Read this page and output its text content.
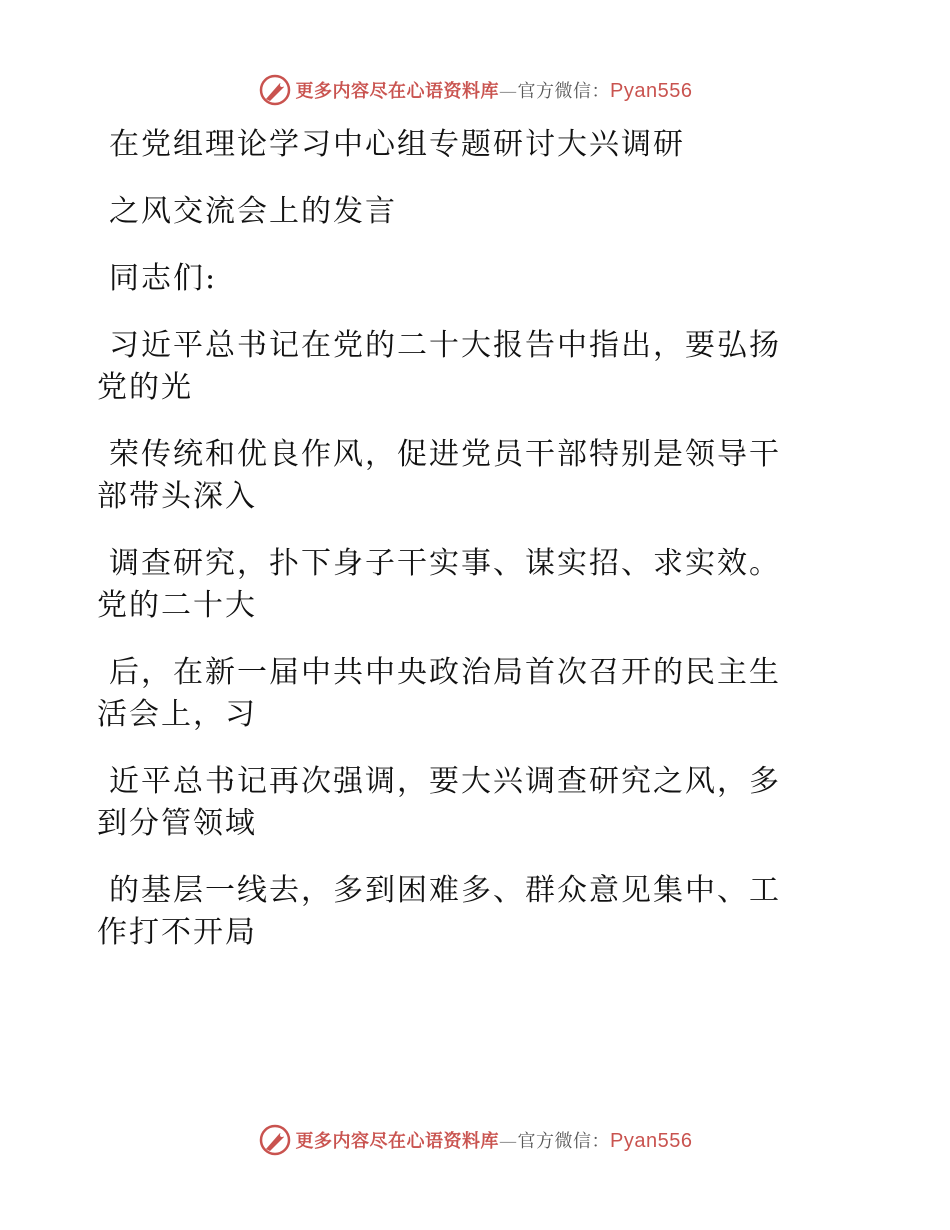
更多内容尽在心语资料库—官方微信：Pyan556
在党组理论学习中心组专题研讨大兴调研
之风交流会上的发言
同志们:
习近平总书记在党的二十大报告中指出，要弘扬
党的光
荣传统和优良作风，促进党员干部特别是领导干
部带头深入
调查研究，扑下身子干实事、谋实招、求实效。
党的二十大
后，在新一届中共中央政治局首次召开的民主生
活会上，习
近平总书记再次强调，要大兴调查研究之风，多
到分管领域
的基层一线去，多到困难多、群众意见集中、工
作打不开局
更多内容尽在心语资料库—官方微信：Pyan556
